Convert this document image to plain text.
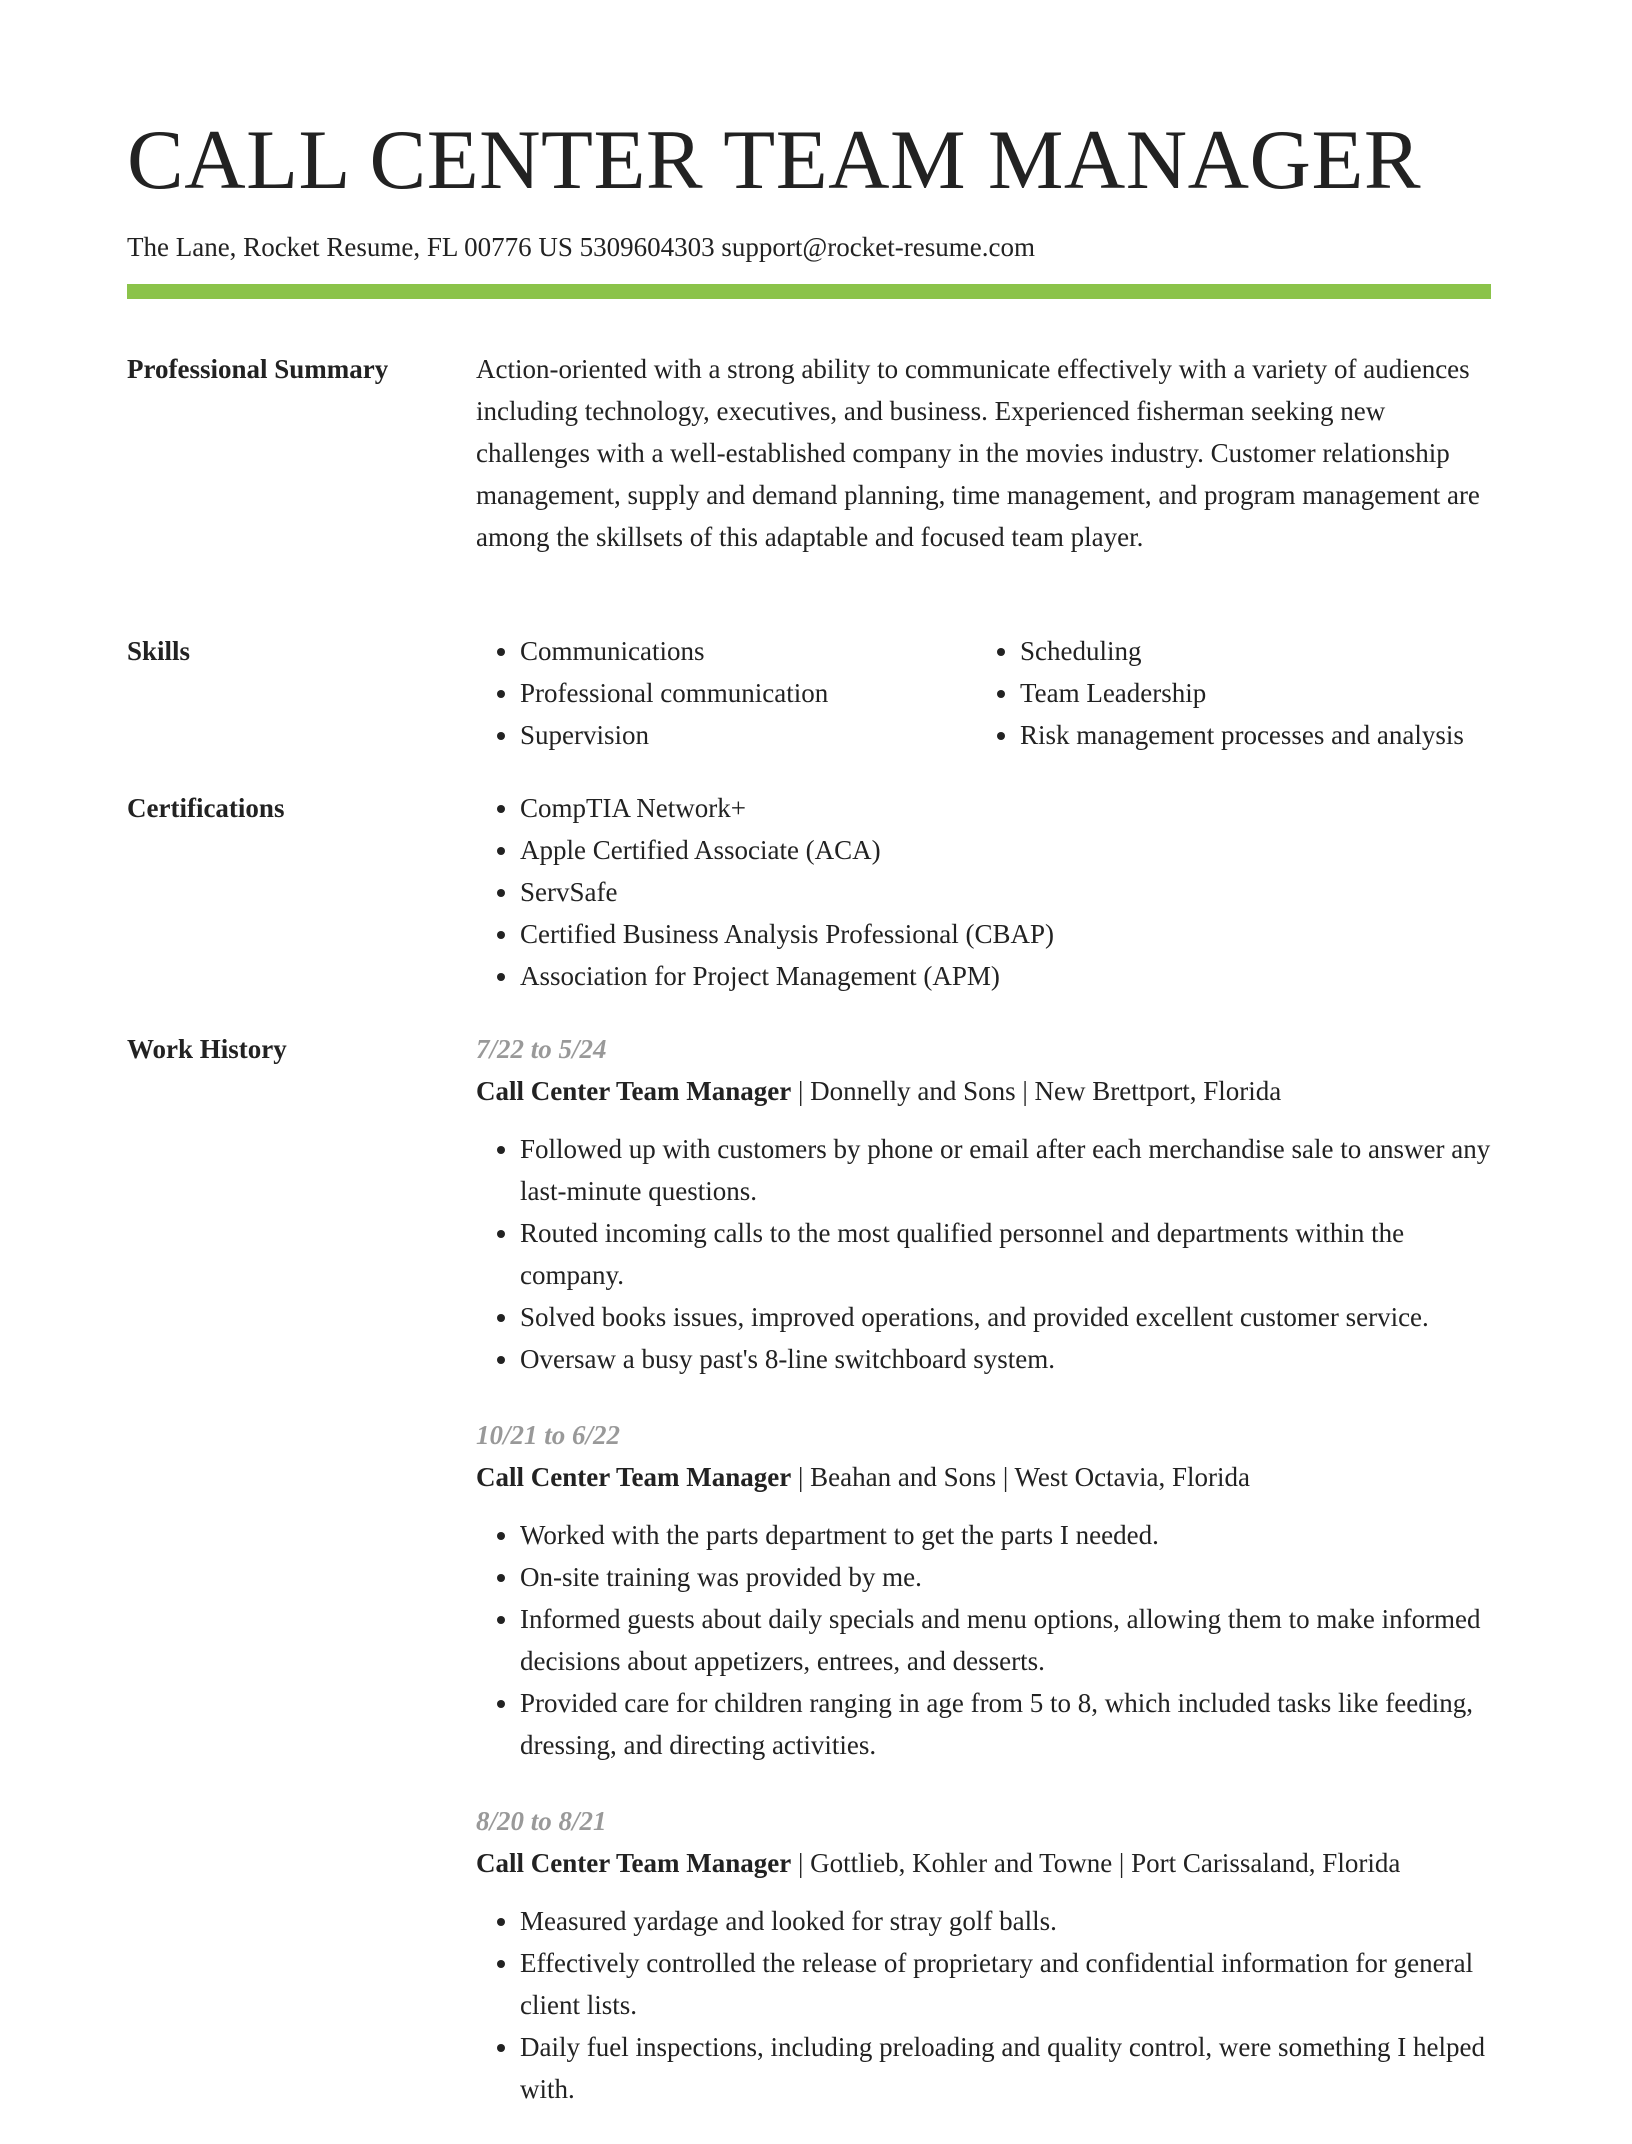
CALL CENTER TEAM MANAGER
The Lane, Rocket Resume, FL 00776 US 5309604303 support@rocket-resume.com
Professional Summary	Action-oriented with a strong ability to communicate effectively with a variety of audiences including technology, executives, and business. Experienced fisherman seeking new challenges with a well-established company in the movies industry. Customer relationship management, supply and demand planning, time management, and program management are among the skillsets of this adaptable and focused team player.

Skills	• Communications
• Professional communication
• Supervision
• Scheduling
• Team Leadership
• Risk management processes and analysis
Certifications	• CompTIA Network+
• Apple Certified Associate (ACA)
• ServSafe
• Certified Business Analysis Professional (CBAP)
• Association for Project Management (APM)
Work History	7/22 to 5/24
Call Center Team Manager | Donnelly and Sons | New Brettport, Florida
• Followed up with customers by phone or email after each merchandise sale to answer any last-minute questions.
• Routed incoming calls to the most qualified personnel and departments within the company.
• Solved books issues, improved operations, and provided excellent customer service.
• Oversaw a busy past's 8-line switchboard system.
10/21 to 6/22
Call Center Team Manager | Beahan and Sons | West Octavia, Florida
• Worked with the parts department to get the parts I needed.
• On-site training was provided by me.
• Informed guests about daily specials and menu options, allowing them to make informed decisions about appetizers, entrees, and desserts.
• Provided care for children ranging in age from 5 to 8, which included tasks like feeding, dressing, and directing activities.
8/20 to 8/21
Call Center Team Manager | Gottlieb, Kohler and Towne | Port Carissaland, Florida
• Measured yardage and looked for stray golf balls.
• Effectively controlled the release of proprietary and confidential information for general client lists.
• Daily fuel inspections, including preloading and quality control, were something I helped with.
